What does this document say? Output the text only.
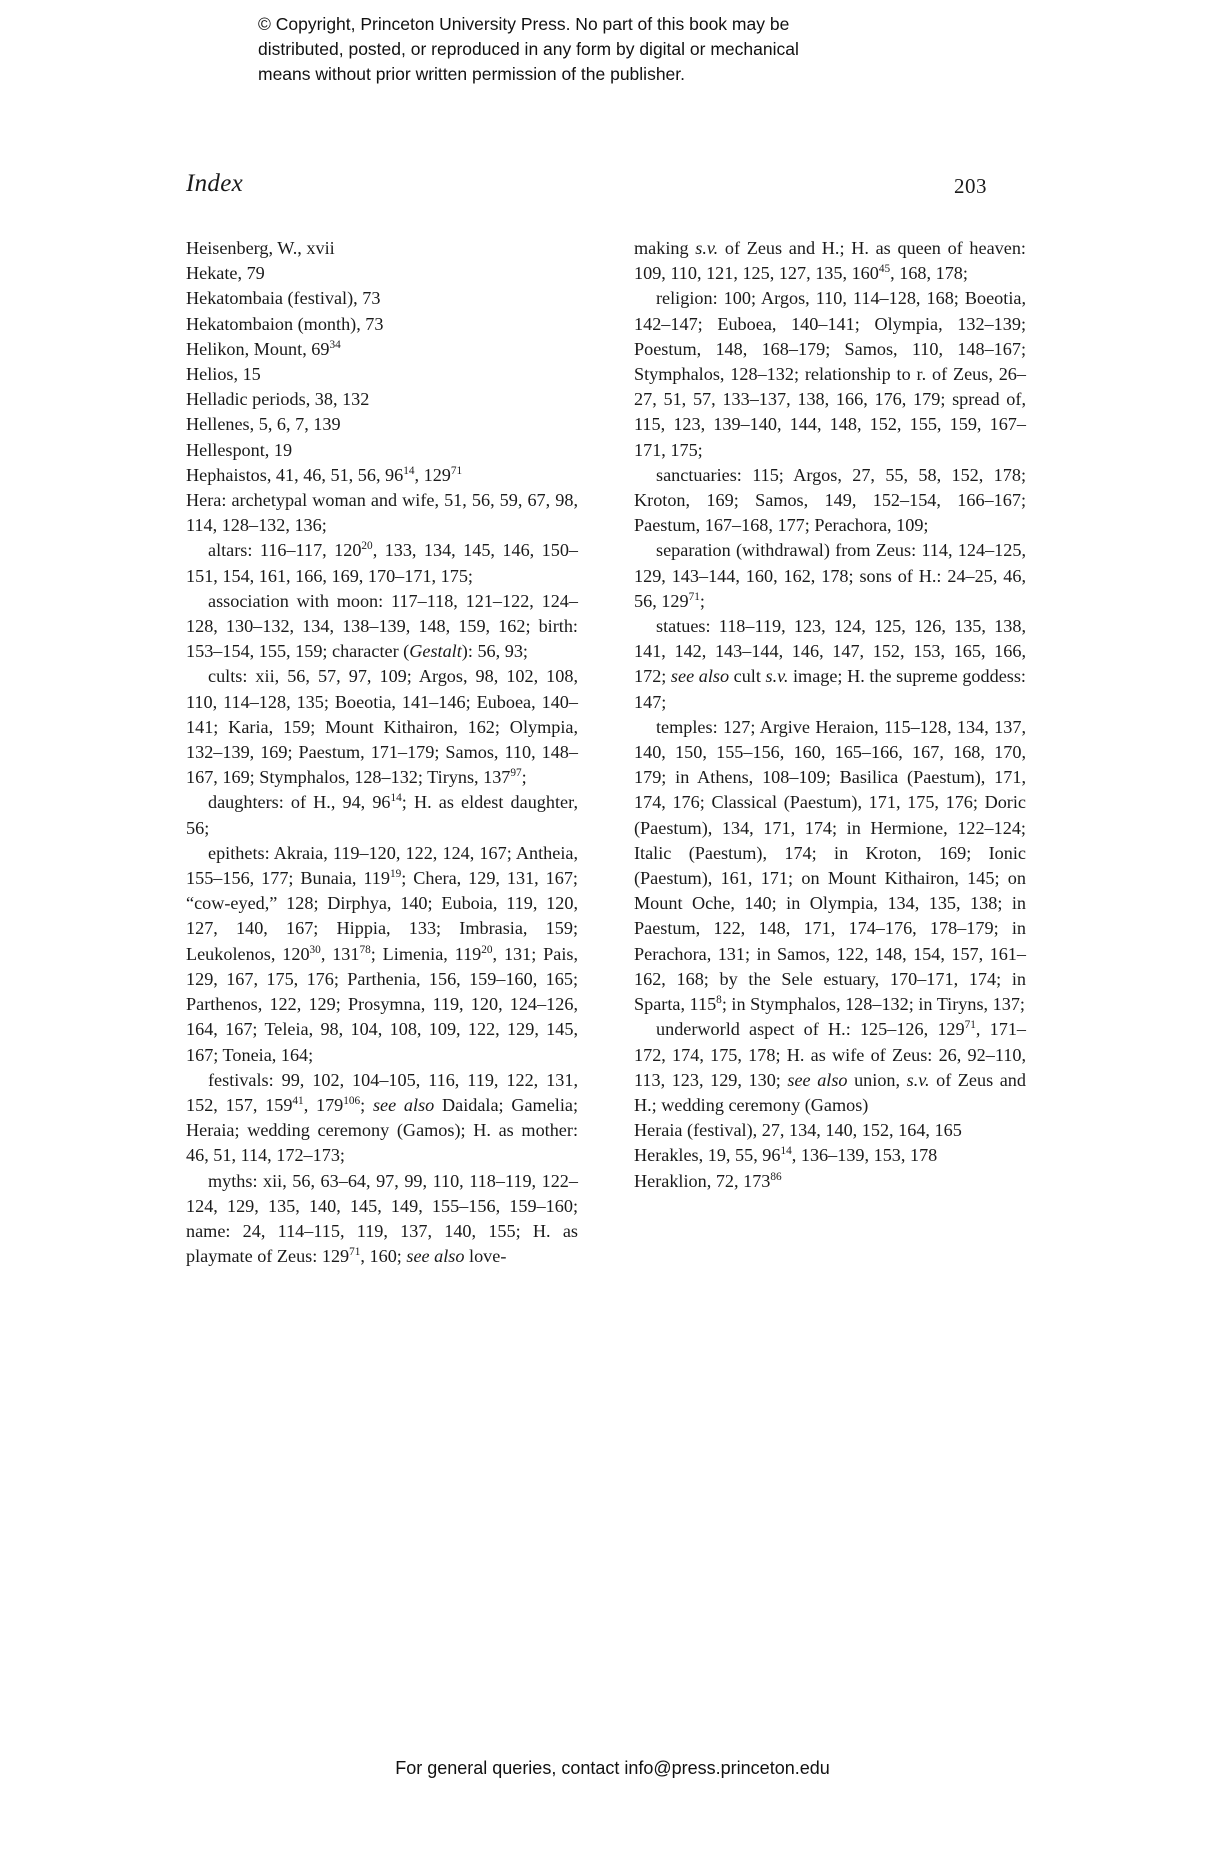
© Copyright, Princeton University Press. No part of this book may be
distributed, posted, or reproduced in any form by digital or mechanical
means without prior written permission of the publisher.
Index	203

Heisenberg, W., xvii

Hekate, 79

Hekatombaia (festival), 73

Hekatombaion (month), 73

Helikon, Mount, $69^{34}$

Helios, 15

Helladic periods, 38, 132

Hellenes, 5, 6, 7, 139

Hellespont, 19

Hephaistos, 41, 46, 51, 56, $96^{14}$, $129^{71}$

Hera: archetypal woman and wife, 51, 56, 59, 67, 98, 114, 128–132, 136;

altars: 116–117, $120^{20}$, 133, 134, 145, 146, 150–151, 154, 161, 166, 169, 170–171, 175;

association with moon: 117–118, 121–122, 124–128, 130–132, 134, 138–139, 148, 159, 162; birth: 153–154, 155, 159; character (Gestalt): 56, 93;

cults: xii, 56, 57, 97, 109; Argos, 98, 102, 108, 110, 114–128, 135; Boeotia, 141–146; Euboea, 140–141; Karia, 159; Mount Kithairon, 162; Olympia, 132–139, 169; Paestum, 171–179; Samos, 110, 148–167, 169; Stymphalos, 128–132; Tiryns, $137^{97}$;

daughters: of H., 94, $96^{14}$; H. as eldest daughter, 56;

epithets: Akraia, 119–120, 122, 124, 167; Antheia, 155–156, 177; Bunaia, $119^{19}$; Chera, 129, 131, 167; “cow-eyed,” 128; Dirphya, 140; Euboia, 119, 120, 127, 140, 167; Hippia, 133; Imbrasia, 159; Leukolenos, $120^{30}$, $131^{78}$; Limenia, $119^{20}$, 131; Pais, 129, 167, 175, 176; Parthenia, 156, 159–160, 165; Parthenos, 122, 129; Prosymna, 119, 120, 124–126, 164, 167; Teleia, 98, 104, 108, 109, 122, 129, 145, 167; Toneia, 164;

festivals: 99, 102, 104–105, 116, 119, 122, 131, 152, 157, $159^{41}$, $179^{106}$; see also Daidala; Gamelia; Heraia; wedding ceremony (Gamos); H. as mother: 46, 51, 114, 172–173;

myths: xii, 56, 63–64, 97, 99, 110, 118–119, 122–124, 129, 135, 140, 145, 149, 155–156, 159–160; name: 24, 114–115, 119, 137, 140, 155; H. as playmate of Zeus: $129^{71}$, 160; see also love-

making s.v. of Zeus and H.; H. as queen of heaven: 109, 110, 121, 125, 127, 135, $160^{45}$, 168, 178;

religion: 100; Argos, 110, 114–128, 168; Boeotia, 142–147; Euboea, 140–141; Olympia, 132–139; Poestum, 148, 168–179; Samos, 110, 148–167; Stymphalos, 128–132; relationship to r. of Zeus, 26–27, 51, 57, 133–137, 138, 166, 176, 179; spread of, 115, 123, 139–140, 144, 148, 152, 155, 159, 167–171, 175;

sanctuaries: 115; Argos, 27, 55, 58, 152, 178; Kroton, 169; Samos, 149, 152–154, 166–167; Paestum, 167–168, 177; Perachora, 109;

separation (withdrawal) from Zeus: 114, 124–125, 129, 143–144, 160, 162, 178; sons of H.: 24–25, 46, 56, $129^{71}$;

statues: 118–119, 123, 124, 125, 126, 135, 138, 141, 142, 143–144, 146, 147, 152, 153, 165, 166, 172; see also cult s.v. image; H. the supreme goddess: 147;

temples: 127; Argive Heraion, 115–128, 134, 137, 140, 150, 155–156, 160, 165–166, 167, 168, 170, 179; in Athens, 108–109; Basilica (Paestum), 171, 174, 176; Classical (Paestum), 171, 175, 176; Doric (Paestum), 134, 171, 174; in Hermione, 122–124; Italic (Paestum), 174; in Kroton, 169; Ionic (Paestum), 161, 171; on Mount Kithairon, 145; on Mount Oche, 140; in Olympia, 134, 135, 138; in Paestum, 122, 148, 171, 174–176, 178–179; in Perachora, 131; in Samos, 122, 148, 154, 157, 161–162, 168; by the Sele estuary, 170–171, 174; in Sparta, $115^8$; in Stymphalos, 128–132; in Tiryns, 137;

underworld aspect of H.: 125–126, $129^{71}$, 171–172, 174, 175, 178; H. as wife of Zeus: 26, 92–110, 113, 123, 129, 130; see also union, s.v. of Zeus and H.; wedding ceremony (Gamos)

Heraia (festival), 27, 134, 140, 152, 164, 165

Herakles, 19, 55, $96^{14}$, 136–139, 153, 178

Heraklion, 72, $173^{86}$

For general queries, contact info@press.princeton.edu
